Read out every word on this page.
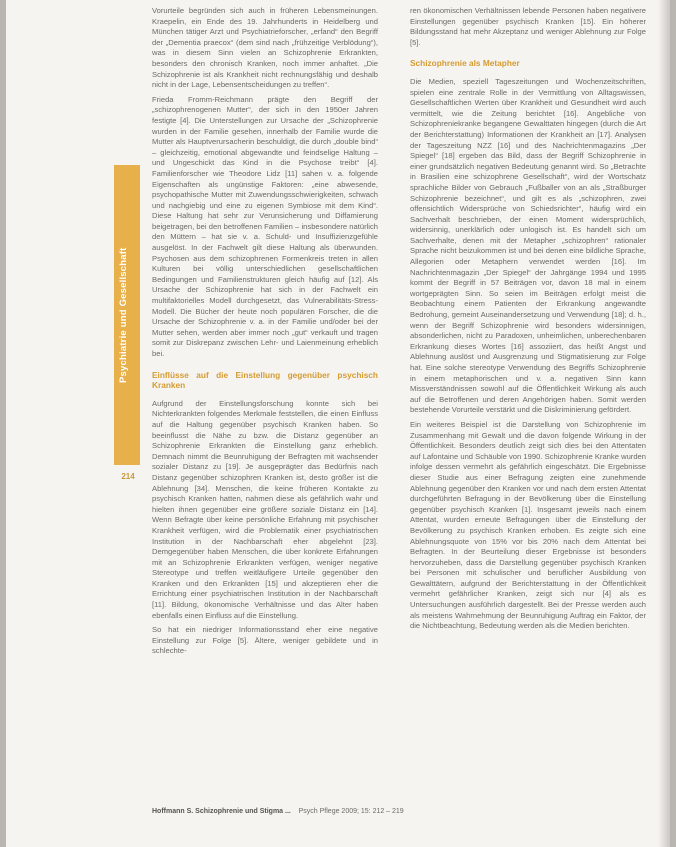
Psychiatrie und Gesellschaft
214

Vorurteile begründen sich auch in früheren Lebensmeinungen. Kraepelin, ein Ende des 19. Jahrhunderts in Heidelberg und München tätiger Arzt und Psychiatrieforscher, „erfand“ den Begriff der „Dementia praecox“ (dem sind nach „frühzeitige Verblödung“), was in diesem Sinn vielen an Schizophrenie Erkrankten, besonders den chronisch Kranken, noch immer anhaftet. „Die Schizophrenie ist als Krankheit nicht rechnungsfähig und deshalb nicht in der Lage, Lebensentscheidungen zu treffen“.

Frieda Fromm-Reichmann prägte den Begriff der „schizophrenogenen Mutter“, der sich in den 1950er Jahren festigte [4]. Die Unterstellungen zur Ursache der „Schizophrenie wurden in der Familie gesehen, innerhalb der Familie wurde die Mutter als Hauptverursacherin beschuldigt, die durch „double bind“ – gleichzeitig, emotional abgewandte und feindselige Haltung – und Ungeschickt das Kind in die Psychose treibt“ [4]. Familienforscher wie Theodore Lidz [11] sahen v. a. folgende Eigenschaften als ungünstige Faktoren: „eine abwesende, psychopathische Mutter mit Zuwendungsschwierigkeiten, schwach und nachgiebig und eine zu eigenen Symbiose mit dem Kind“. Diese Haltung hat sehr zur Verunsicherung und Diffamierung beigetragen, bei den betroffenen Familien – insbesondere natürlich den Müttern – hat sie v. a. Schuld- und Insuffizienzgefühle ausgelöst. In der Fachwelt gilt diese Haltung als überwunden. Psychosen aus dem schizophrenen Formenkreis treten in allen Kulturen bei völlig unterschiedlichen gesellschaftlichen Bedingungen und Familienstrukturen gleich häufig auf [12]. Als Ursache der Schizophrenie hat sich in der Fachwelt ein multifaktorielles Modell durchgesetzt, das Vulnerabilitäts-Stress-Modell. Die Bücher der heute noch populären Forscher, die die Ursache der Schizophrenie v. a. in der Familie und/oder bei der Mutter sehen, werden aber immer noch „gut“ verkauft und tragen somit zur Diskrepanz zwischen Lehr- und Laienmeinung erheblich bei.

Einflüsse auf die Einstellung gegenüber psychisch Kranken

Aufgrund der Einstellungsforschung konnte sich bei Nichterkrankten folgendes Merkmale feststellen, die einen Einfluss auf die Haltung gegenüber psychisch Kranken haben. So beeinflusst die Nähe zu bzw. die Distanz gegenüber an Schizophrenie Erkrankten die Einstellung ganz erheblich. Demnach nimmt die Beunruhigung der Befragten mit wachsender sozialer Distanz zu [19]. Je ausgeprägter das Bedürfnis nach Distanz gegenüber schizophren Kranken ist, desto größer ist die Ablehnung [34]. Menschen, die keine früheren Kontakte zu psychisch Kranken hatten, nahmen diese als gefährlich wahr und hielten ihnen gegenüber eine größere soziale Distanz ein [14]. Wenn Befragte über keine persönliche Erfahrung mit psychischer Krankheit verfügen, wird die Problematik einer psychiatrischen Institution in der Nachbarschaft eher abgelehnt [23]. Demgegenüber haben Menschen, die über konkrete Erfahrungen mit an Schizophrenie Erkrankten verfügen, weniger negative Stereotype und treffen weitläufigere Urteile gegenüber den Kranken und den Erkrankten [15] und akzeptieren eher die Errichtung einer psychiatrischen Institution in der Nachbarschaft [11]. Bildung, ökonomische Verhältnisse und das Alter haben ebenfalls einen Einfluss auf die Einstellung.

So hat ein niedriger Informationsstand eher eine negative Einstellung zur Folge [5]. Ältere, weniger gebildete und in schlechte-

ren ökonomischen Verhältnissen lebende Personen haben negativere Einstellungen gegenüber psychisch Kranken [15]. Ein höherer Bildungsstand hat mehr Akzeptanz und weniger Ablehnung zur Folge [5].

Schizophrenie als Metapher

Die Medien, speziell Tageszeitungen und Wochenzeitschriften, spielen eine zentrale Rolle in der Vermittlung von Alltagswissen, Gesellschaftlichen Werten über Krankheit und Gesundheit wird auch vermittelt, wie die Zeitung berichtet [16]. Angebliche von Schizophreniekranke begangene Gewalttaten hingegen (durch die Art der Berichterstattung) Informationen der Krankheit an [17]. Analysen der Tageszeitung NZZ [16] und des Nachrichtenmagazins „Der Spiegel“ [18] ergeben das Bild, dass der Begriff Schizophrenie in einer grundsätzlich negativen Bedeutung genannt wird. So „Betrachte in Brasilien eine schizophrene Gesellschaft“, wird der Wortschatz sprachliche Bilder von Gebrauch „Fußballer von an als „Straßburger Schizophrenie bezeichnet“, und gilt es als „schizophren, zwei offensichtlich Widersprüche von Schiedsrichter“, häufig wird ein Sachverhalt beschrieben, der einen Moment widersprüchlich, widersinnig, unerklärlich oder unlogisch ist. Es handelt sich um Sachverhalte, denen mit der Metapher „schizophren“ rationaler Sprache nicht beizukommen ist und bei denen eine bildliche Sprache, Allegorien oder Metaphern verwendet werden [16]. Im Nachrichtenmagazin „Der Spiegel“ der Jahrgänge 1994 und 1995 kommt der Begriff in 57 Beiträgen vor, davon 18 mal in einem wortgeprägten Sinn. So seien im Beiträgen erfolgt meist die Beobachtung einem Patienten der Erkrankung angewandte Bedrohung, gemeint Auseinandersetzung und Verwendung [18]; d. h., wenn der Begriff Schizophrenie wird besonders widersinnigen, absonderlichen, nicht zu Paradoxen, unheimlichen, unberechenbaren Erkrankung dieses Wortes [16] assoziiert, das heißt Angst und Ablehnung auslöst und Ausgrenzung und Stigmatisierung zur Folge hat. Eine solche stereotype Verwendung des Begriffs Schizophrenie in einem metaphorischen und v. a. negativen Sinn kann Missverständnissen sowohl auf die Öffentlichkeit Wirkung als auch auf die Betroffenen und deren Angehörigen haben. Somit werden bestehende Vorurteile verstärkt und die Diskriminierung gefördert.

Ein weiteres Beispiel ist die Darstellung von Schizophrenie im Zusammenhang mit Gewalt und die davon folgende Wirkung in der Öffentlichkeit. Besonders deutlich zeigt sich dies bei den Attentaten auf Lafontaine und Schäuble von 1990. Schizophrenie Kranke wurden infolge dessen vermehrt als gefährlich eingeschätzt. Die Ergebnisse dieser Studie aus einer Befragung zeigten eine zunehmende Ablehnung gegenüber den Kranken vor und nach dem ersten Attentat durchgeführten Befragung in der Bevölkerung über die Einstellung gegenüber psychisch Kranken [1]. Insgesamt jeweils nach einem Attentat, wurden erneute Befragungen über die Einstellung der Bevölkerung zu psychisch Kranken erhoben. Es zeigte sich eine Ablehnungsquote von 15% vor bis 20% nach dem Attentat bei Befragten. In der Beurteilung dieser Ergebnisse ist besonders hervorzuheben, dass die Darstellung gegenüber psychisch Kranken bei Personen mit schulischer und beruflicher Ausbildung von Gewalttätern, aufgrund der Berichterstattung in der Öffentlichkeit vermehrt gefährlicher Kranken, zeigt sich nur [4] als es Untersuchungen ausführlich dargestellt. Bei der Presse werden auch als meistens Wahrnehmung der Beunruhigung Auftrag ein Faktor, der die Nichtbeachtung, Bedeutung werden als die Medien berichten.

Hoffmann S. Schizophrenie und Stigma ... Psych Pflege 2009; 15: 212 – 219
